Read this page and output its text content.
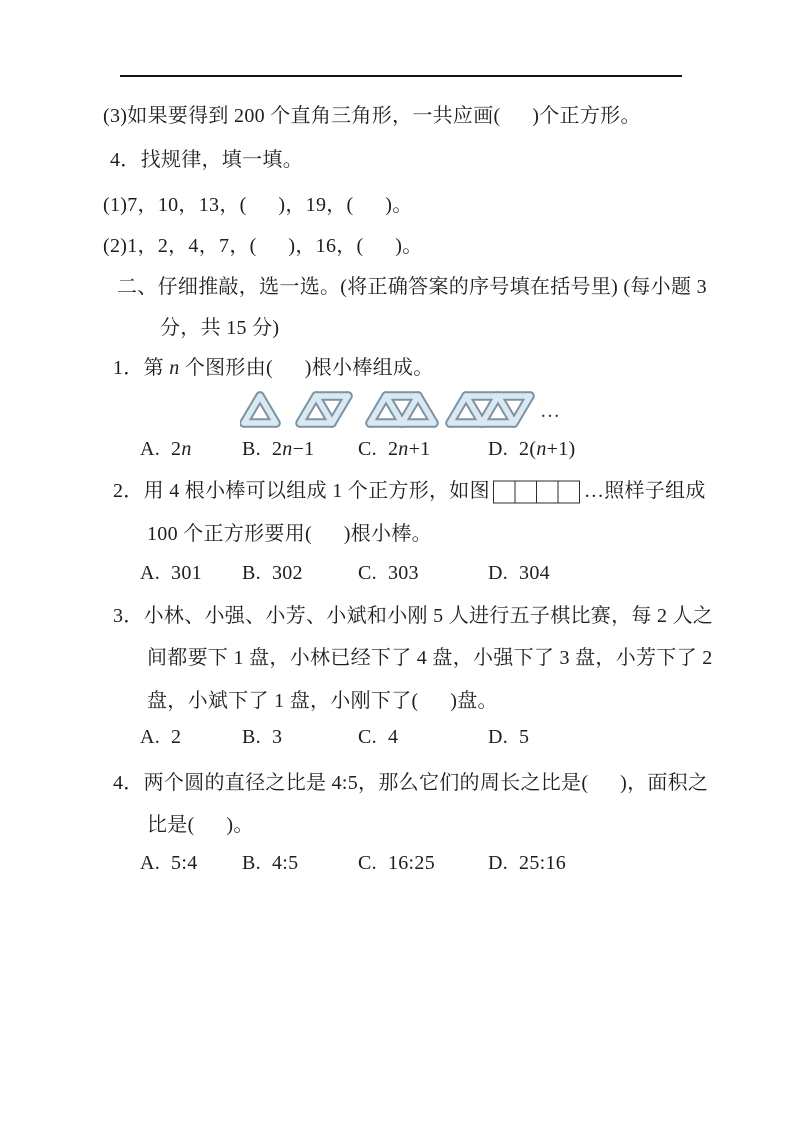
(3)如果要得到 200 个直角三角形，一共应画(      )个正方形。
4．找规律，填一填。
(1)7，10，13，(      )，19，(      )。
(2)1，2，4，7，(      )，16，(      )。
二、仔细推敲，选一选。(将正确答案的序号填在括号里) (每小题 3
分，共 15 分)
1．第 n 个图形由(      )根小棒组成。
…
A. 2n	B. 2n−1 C. 2n+1	D. 2(n+1)
2．用 4 根小棒可以组成 1 个正方形，如图	…照样子组成
100 个正方形要用(      )根小棒。
A. 301 B. 302	C. 303	D. 304
3．小林、小强、小芳、小斌和小刚 5 人进行五子棋比赛，每 2 人之
间都要下 1 盘，小林已经下了 4 盘，小强下了 3 盘，小芳下了 2
盘，小斌下了 1 盘，小刚下了(      )盘。
A. 2	B. 3	C. 4	D. 5
4．两个圆的直径之比是 4:5，那么它们的周长之比是(      )，面积之
比是(      )。
A. 5:4 B. 4:5	C. 16:25	D. 25:16
